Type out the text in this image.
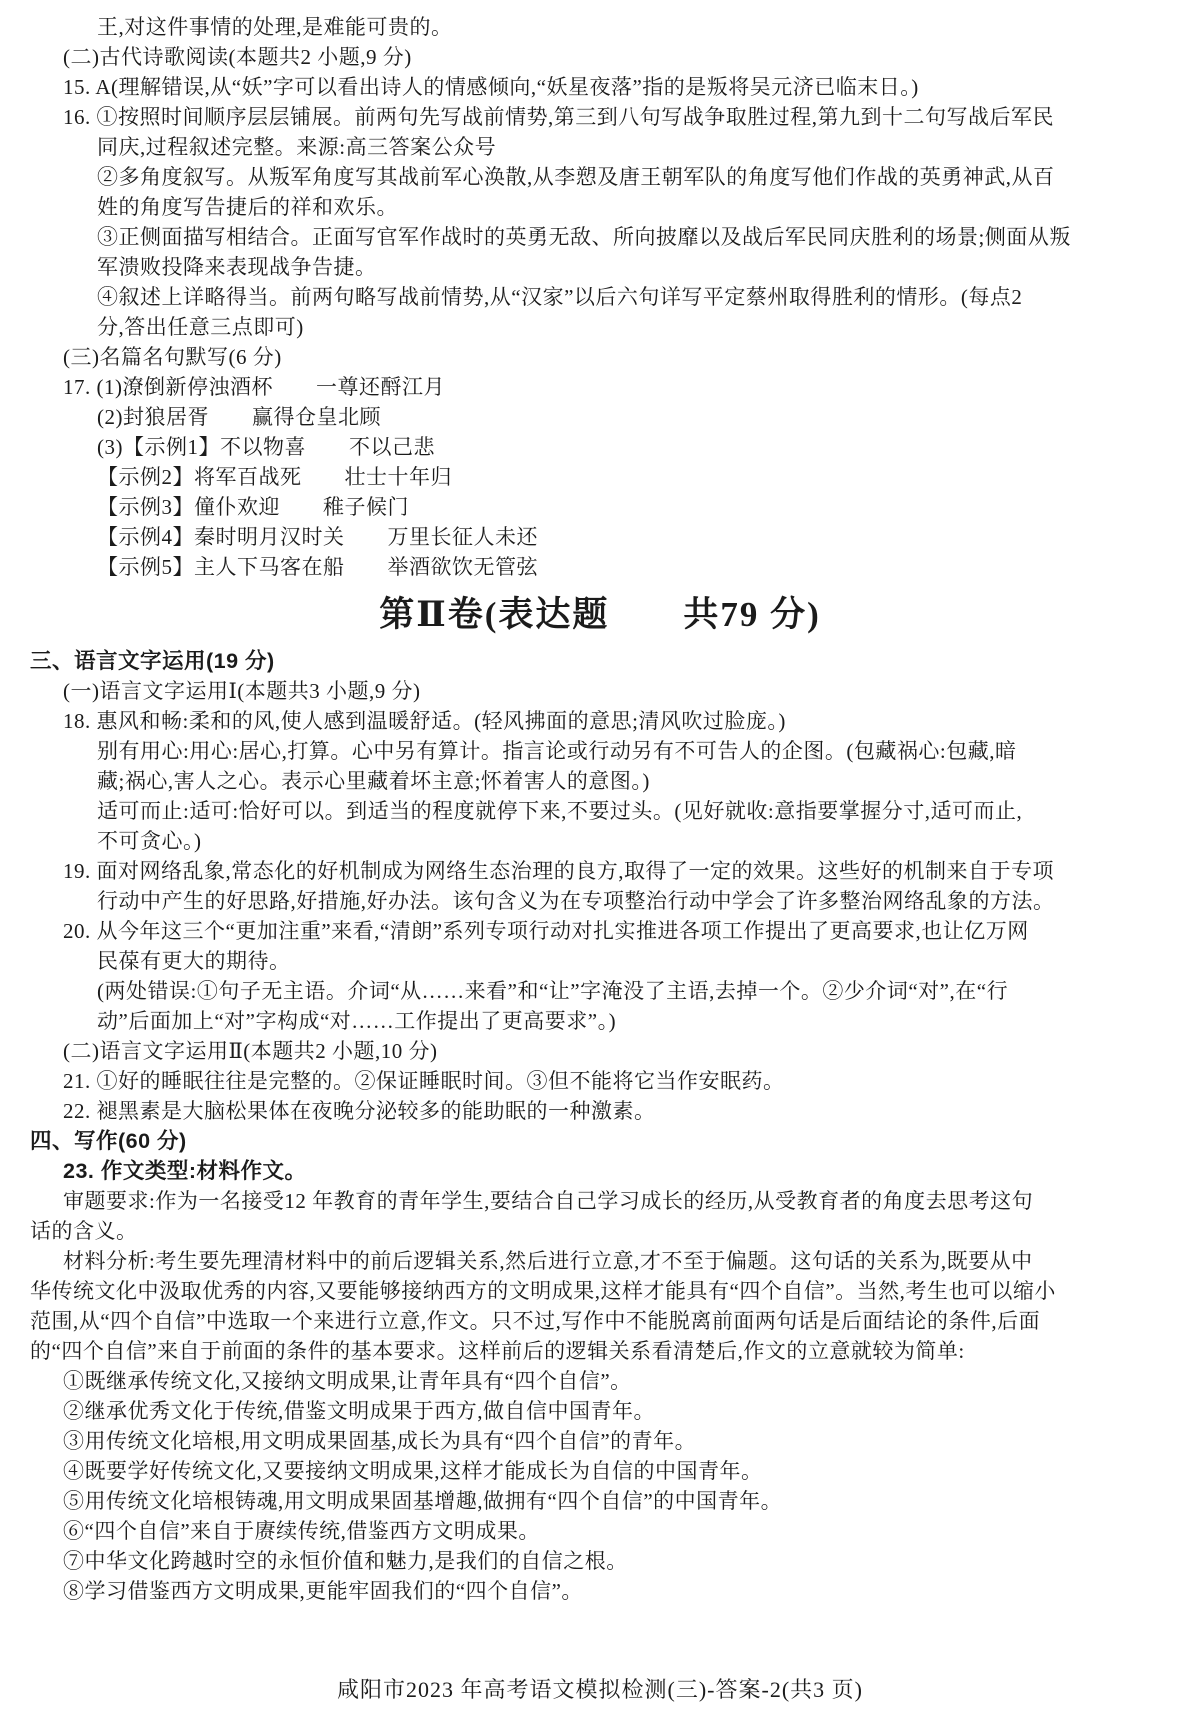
王,对这件事情的处理,是难能可贵的。
(二)古代诗歌阅读(本题共2 小题,9 分)
15. A(理解错误,从“妖”字可以看出诗人的情感倾向,“妖星夜落”指的是叛将吴元济已临末日。)
16. ①按照时间顺序层层铺展。前两句先写战前情势,第三到八句写战争取胜过程,第九到十二句写战后军民
同庆,过程叙述完整。来源:高三答案公众号
②多角度叙写。从叛军角度写其战前军心涣散,从李愬及唐王朝军队的角度写他们作战的英勇神武,从百
姓的角度写告捷后的祥和欢乐。
③正侧面描写相结合。正面写官军作战时的英勇无敌、所向披靡以及战后军民同庆胜利的场景;侧面从叛
军溃败投降来表现战争告捷。
④叙述上详略得当。前两句略写战前情势,从“汉家”以后六句详写平定蔡州取得胜利的情形。(每点2
分,答出任意三点即可)
(三)名篇名句默写(6 分)
17. (1)潦倒新停浊酒杯　　一尊还酹江月
(2)封狼居胥　　赢得仓皇北顾
(3)【示例1】不以物喜　　不以己悲
【示例2】将军百战死　　壮士十年归
【示例3】僮仆欢迎　　稚子候门
【示例4】秦时明月汉时关　　万里长征人未还
【示例5】主人下马客在船　　举酒欲饮无管弦
第Ⅱ卷(表达题　　共79 分)
三、语言文字运用(19 分)
(一)语言文字运用Ⅰ(本题共3 小题,9 分)
18. 惠风和畅:柔和的风,使人感到温暖舒适。(轻风拂面的意思;清风吹过脸庞。)
别有用心:用心:居心,打算。心中另有算计。指言论或行动另有不可告人的企图。(包藏祸心:包藏,暗
藏;祸心,害人之心。表示心里藏着坏主意;怀着害人的意图。)
适可而止:适可:恰好可以。到适当的程度就停下来,不要过头。(见好就收:意指要掌握分寸,适可而止,
不可贪心。)
19. 面对网络乱象,常态化的好机制成为网络生态治理的良方,取得了一定的效果。这些好的机制来自于专项
行动中产生的好思路,好措施,好办法。该句含义为在专项整治行动中学会了许多整治网络乱象的方法。
20. 从今年这三个“更加注重”来看,“清朗”系列专项行动对扎实推进各项工作提出了更高要求,也让亿万网
民葆有更大的期待。
(两处错误:①句子无主语。介词“从……来看”和“让”字淹没了主语,去掉一个。②少介词“对”,在“行
动”后面加上“对”字构成“对……工作提出了更高要求”。)
(二)语言文字运用Ⅱ(本题共2 小题,10 分)
21. ①好的睡眠往往是完整的。②保证睡眠时间。③但不能将它当作安眠药。
22. 褪黑素是大脑松果体在夜晚分泌较多的能助眠的一种激素。
四、写作(60 分)
23. 作文类型:材料作文。
审题要求:作为一名接受12 年教育的青年学生,要结合自己学习成长的经历,从受教育者的角度去思考这句
话的含义。
材料分析:考生要先理清材料中的前后逻辑关系,然后进行立意,才不至于偏题。这句话的关系为,既要从中
华传统文化中汲取优秀的内容,又要能够接纳西方的文明成果,这样才能具有“四个自信”。当然,考生也可以缩小
范围,从“四个自信”中选取一个来进行立意,作文。只不过,写作中不能脱离前面两句话是后面结论的条件,后面
的“四个自信”来自于前面的条件的基本要求。这样前后的逻辑关系看清楚后,作文的立意就较为简单:
①既继承传统文化,又接纳文明成果,让青年具有“四个自信”。
②继承优秀文化于传统,借鉴文明成果于西方,做自信中国青年。
③用传统文化培根,用文明成果固基,成长为具有“四个自信”的青年。
④既要学好传统文化,又要接纳文明成果,这样才能成长为自信的中国青年。
⑤用传统文化培根铸魂,用文明成果固基增趣,做拥有“四个自信”的中国青年。
⑥“四个自信”来自于赓续传统,借鉴西方文明成果。
⑦中华文化跨越时空的永恒价值和魅力,是我们的自信之根。
⑧学习借鉴西方文明成果,更能牢固我们的“四个自信”。
咸阳市2023 年高考语文模拟检测(三)-答案-2(共3 页)
